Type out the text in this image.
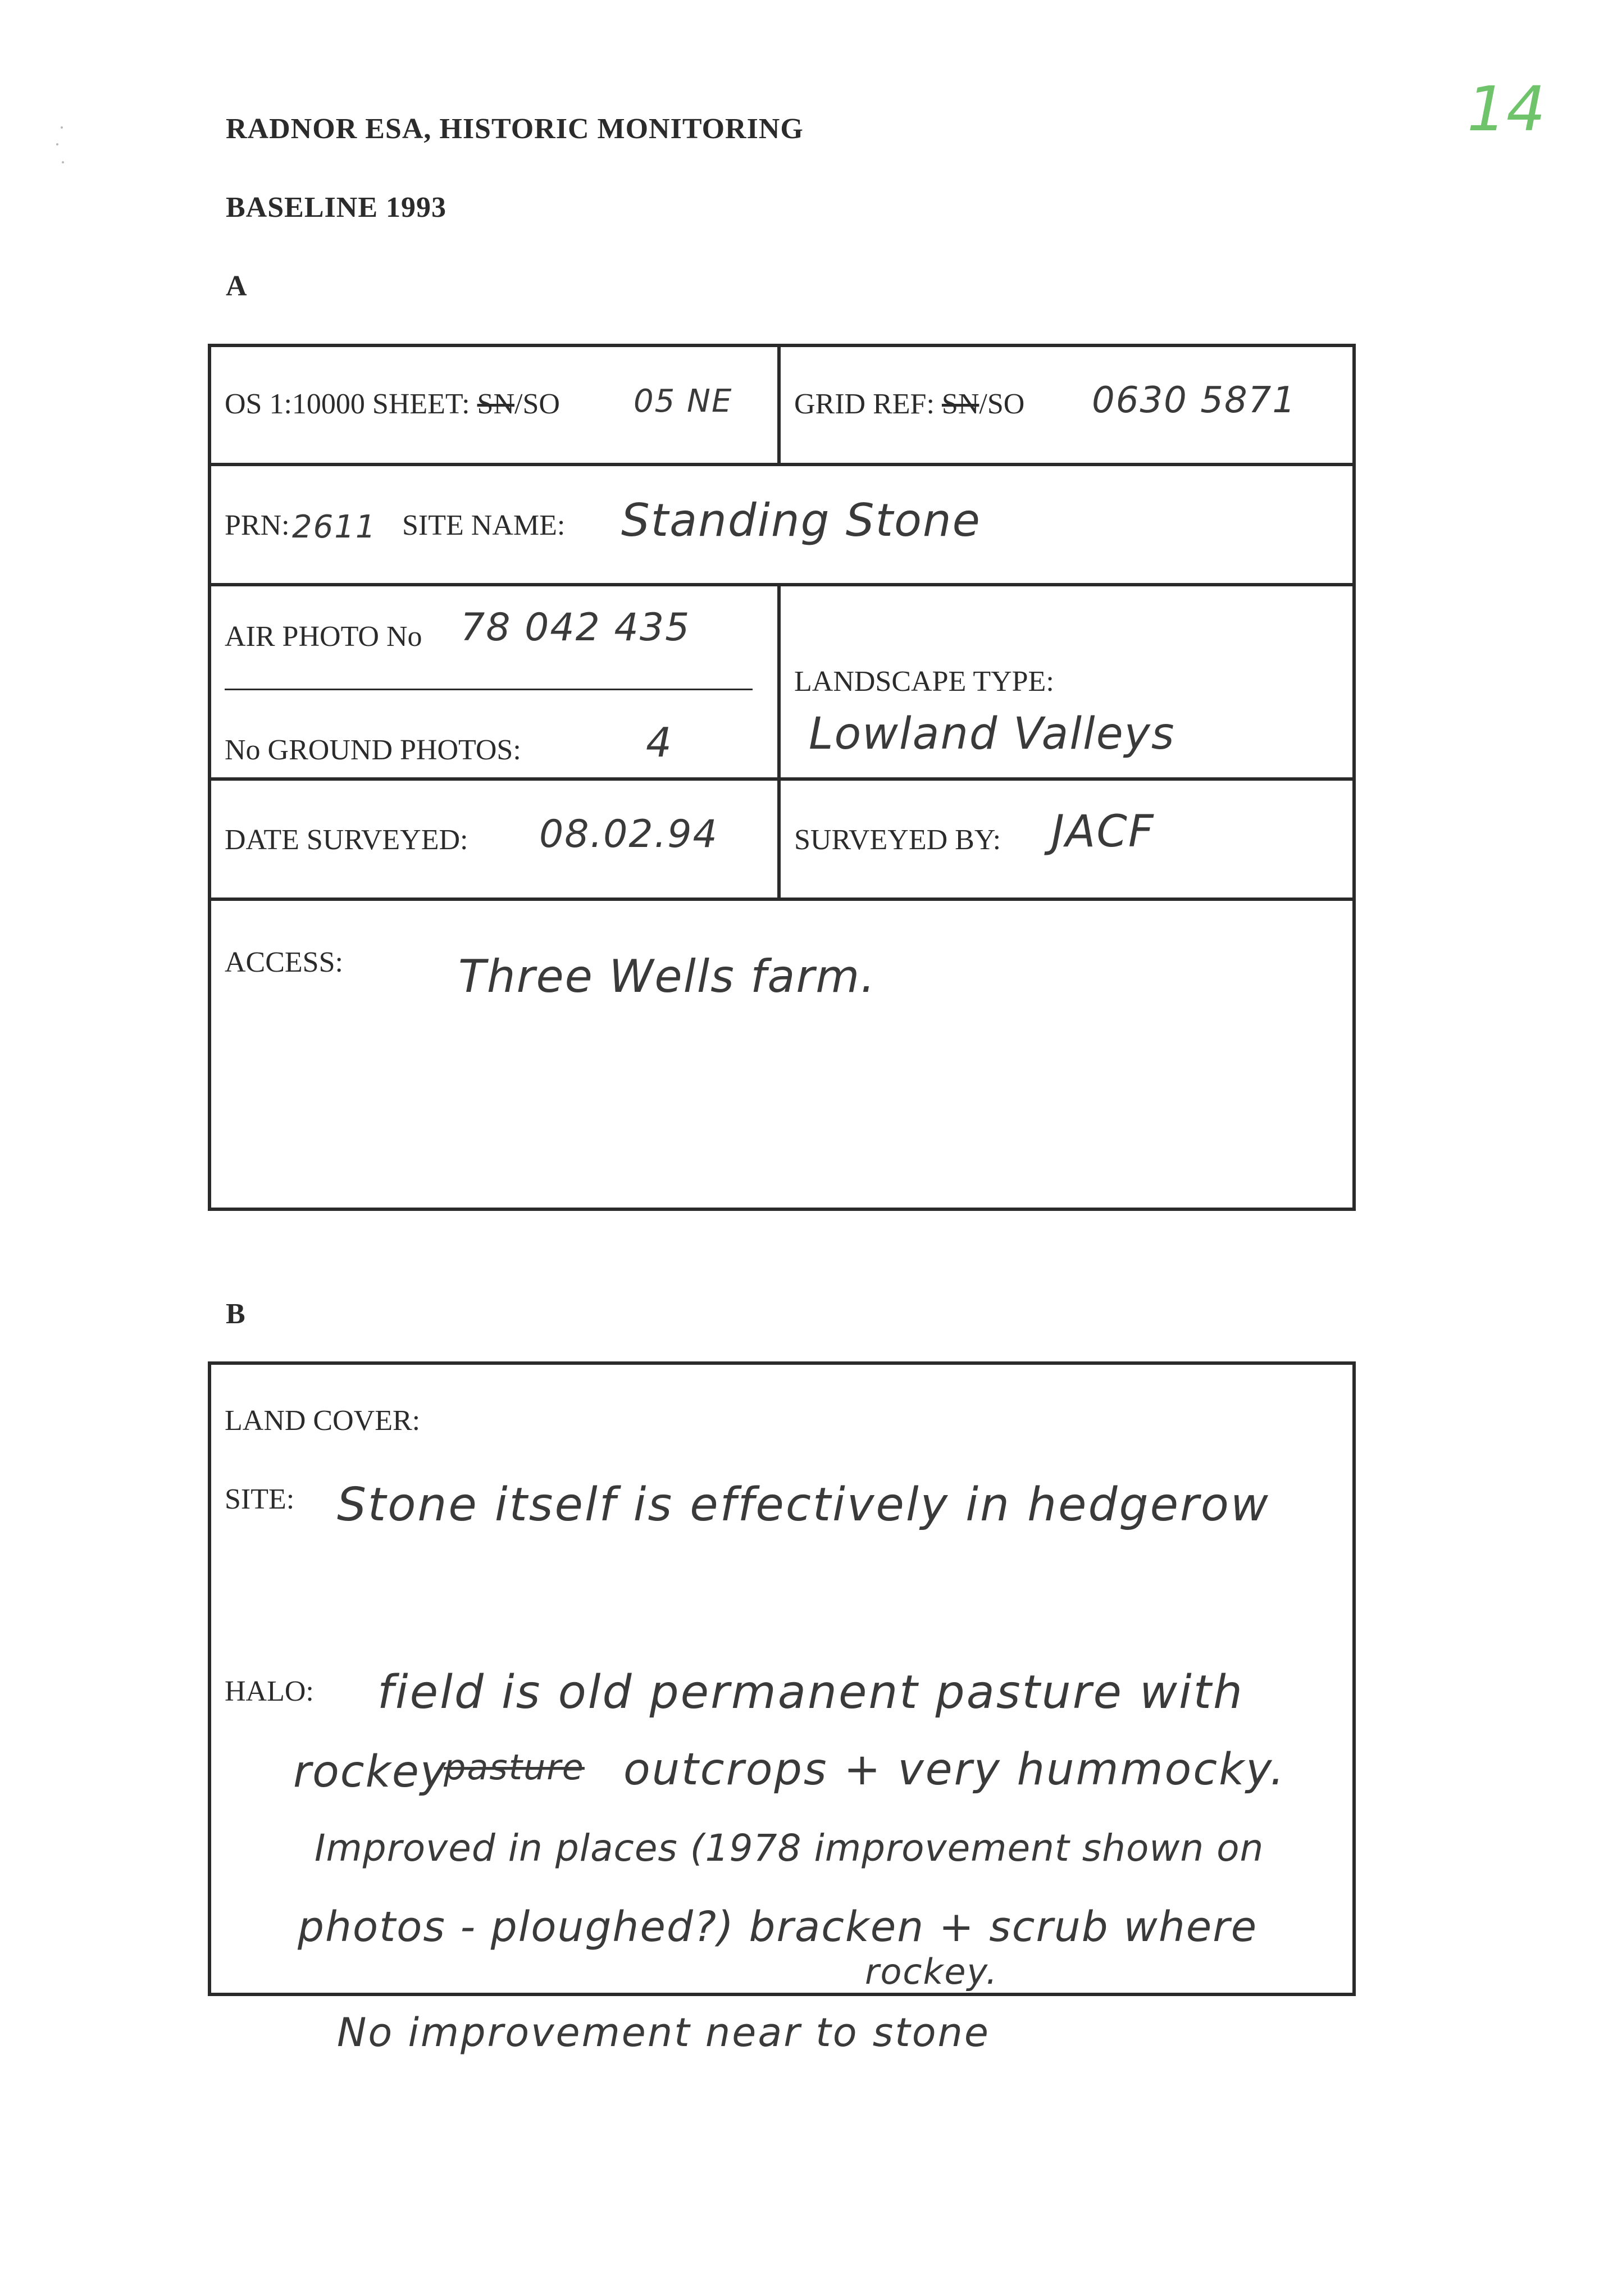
RADNOR ESA, HISTORIC MONITORING
BASELINE 1993
14
A
OS 1:10000 SHEET: SN/SO 05 NE GRID REF: SN/SO 0630 5871
PRN: 2611 SITE NAME: Standing Stone
AIR PHOTO No 78 042 435
No GROUND PHOTOS:	4
LANDSCAPE TYPE:
Lowland Valleys
DATE SURVEYED: 08.02.94	SURVEYED BY: JACF
ACCESS:	Three Wells farm.
B
LAND COVER:
SITE: Stone itself is effectively in hedgerow
HALO: field is old permanent pasture with
rockey
pasture outcrops + very hummocky.
Improved in places (1978 improvement shown on
photos - ploughed?) bracken + scrub where
rockey.
No improvement near to stone
